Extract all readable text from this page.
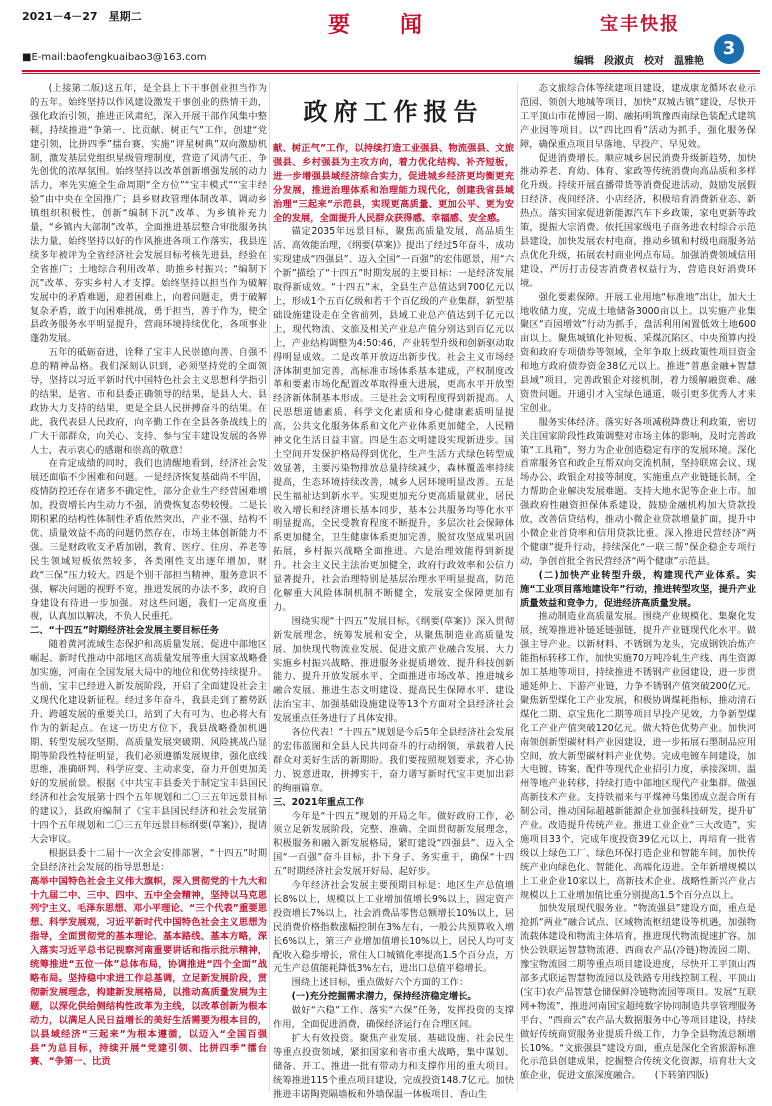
2021－4－27　星期二	要　闻	宝丰快报
3
■E-mail:baofengkuaibao3@163.com	编辑　段淑贞　校对　温雅艳

(上接第二版)这五年，是全县上下干事创业担当作为的五年。始终坚持以作风建设激发干事创业的热情干劲，强化政治引领，推进正风肃纪，深入开展干部作风集中整顿，持续推进“争第一、比贡献、树正气”工作，创建“党建引领，比拼四季”擂台赛，实施“评星树典”双向激励机制，激发基层党组织星级管理制度，营造了风清气正、争先创优的浓厚氛围。始终坚持以改革创新增强发展的动力活力，率先实施全生命周期“全方位”“宝丰模式”“宝丰经验”由中央在全国推广；县乡财政管理体制改革、调动乡镇组织积极性，创新“编制下沉”改革、为乡镇补充力量，“乡镇内大部制”改革，全面推进基层整合审批服务执法力量，始终坚持以好的作风推进各项工作落实，我县连续多年被评为全省经济社会发展目标考核先进县，经验在全省推广；土地综合利用改革、助推乡村振兴；“编制下沉”改革、夯实乡村人才支撑。始终坚持以担当作为破解发展中的矛盾难题，迎着困难上，向着问题走，勇于破解复杂矛盾，敢于向困难挑战，勇于担当，善于作为，使全县政务服务水平明显提升，营商环境持续优化，各项事业蓬勃发展。

五年的砥砺奋进，诠释了宝丰人民崇德向善、自强不息的精神品格。我们深刻认识到，必须坚持党的全面领导，坚持以习近平新时代中国特色社会主义思想科学指引的结果，是省、市和县委正确领导的结果，是县人大、县政协大力支持的结果，更是全县人民拼搏奋斗的结果。在此，我代表县人民政府，向辛勤工作在全县各条战线上的广大干部群众，向关心、支持、参与宝丰建设发展的各界人士，表示衷心的感谢和崇高的敬意！

在肯定成绩的同时，我们也清醒地看到，经济社会发展还面临不少困难和问题。一是经济恢复基础尚不牢固，疫情防控还存在诸多不确定性，部分企业生产经营困难增加，投资增长内生动力不强，消费恢复态势较慢。二是长期积累的结构性体制性矛盾依然突出，产业不强、结构不优、质量效益不高的问题仍然存在，市场主体创新能力不强。三是财政收支矛盾加剧，教育、医疗、住房、养老等民生领域短板依然较多，各类刚性支出逐年增加，财政“三保”压力较大。四是个别干部担当精神、服务意识不强，解决问题的视野不宽，推进发展的办法不多，政府自身建设有待进一步加强。对这些问题，我们一定高度重视，认真加以解决，不负人民重托。

二、“十四五”时期经济社会发展主要目标任务

随着黄河流域生态保护和高质量发展、促进中部地区崛起、新时代推动中部地区高质量发展等重大国家战略叠加实施，河南在全国发展大局中的地位和优势持续提升。当前，宝丰已经进入新发展阶段，开启了全面建设社会主义现代化建设新征程。经过多年奋斗，我县走到了蓄势跃升、跨越发展的重要关口，站到了大有可为、也必将大有作为的新起点。在这一历史方位下，我县战略叠加机遇期、转型发展攻坚期、高质量发展突破期、风险挑战凸显期等阶段性特征明显，我们必须遵循发展规律，强化底线思维，准确研判、科学应变、主动求变，奋力开创更加美好的发展前景。根据《中共宝丰县委关于制定宝丰县国民经济和社会发展第十四个五年规划和二〇三五年远景目标的建议》，县政府编制了《宝丰县国民经济和社会发展第十四个五年规划和二〇三五年远景目标纲要(草案)》，提请大会审议。

根据县委十二届十一次全会安排部署，“十四五”时期全县经济社会发展的指导思想是：

高举中国特色社会主义伟大旗帜，深入贯彻党的十九大和十九届二中、三中、四中、五中全会精神，坚持以马克思列宁主义、毛泽东思想、邓小平理论、“三个代表”重要思想、科学发展观，习近平新时代中国特色社会主义思想为指导，全面贯彻党的基本理论、基本路线、基本方略，深入落实习近平总书记视察河南重要讲话和指示批示精神，统筹推进“五位一体”总体布局，协调推进“四个全面”战略布局。坚持稳中求进工作总基调，立足新发展阶段，贯彻新发展理念，构建新发展格局，以推动高质量发展为主题，以深化供给侧结构性改革为主线，以改革创新为根本动力，以满足人民日益增长的美好生活需要为根本目的，以县域经济“三起来”为根本遵循，以迈入“全国百强县”为总目标，持续开展“党建引领、比拼四季”擂台赛、“争第一、比贡

政府工作报告

献、树正气”工作，以持续打造工业强县、物流强县、文旅强县、乡村强县为主攻方向，着力优化结构、补齐短板，进一步增强县域经济综合实力，促进城乡经济更均衡更充分发展，推进治理体系和治理能力现代化，创建我省县域治理“三起来”示范县，实现更高质量、更加公平、更为安全的发展，全面提升人民群众获得感、幸福感、安全感。

锚定2035年远景目标，聚焦高质量发展，高品质生活、高效能治理，《纲要(草案)》提出了经过5年奋斗，成功实现建成“四强县”、迈入全国“一百强”的宏伟愿景，用“六个新”描绘了“十四五”时期发展的主要目标：一是经济发展取得新成效。“十四五”末，全县生产总值达到700亿元以上，形成1个五百亿级和若干个百亿级的产业集群，新型基础设施建设走在全省前列，县域工业总产值达到千亿元以上，现代物流、文旅及相关产业总产值分别达到百亿元以上，产业结构调整为4:50:46，产业转型升级和创新驱动取得明显成效。二是改革开放迈出新步伐。社会主义市场经济体制更加完善，高标准市场体系基本建成，产权制度改革和要素市场化配置改革取得重大进展，更高水平开放型经济新体制基本形成。三是社会文明程度得到新提高。人民思想道德素质、科学文化素质和身心健康素质明显提高，公共文化服务体系和文化产业体系更加健全，人民精神文化生活日益丰富。四是生态文明建设实现新进步。国土空间开发保护格局得到优化，生产生活方式绿色转型成效显著，主要污染物排放总量持续减少，森林覆盖率持续提高，生态环境持续改善，城乡人居环境明显改善。五是民生福祉达到新水平。实现更加充分更高质量就业，居民收入增长和经济增长基本同步，基本公共服务均等化水平明显提高，全民受教育程度不断提升，多层次社会保障体系更加健全，卫生健康体系更加完善，脱贫攻坚成果巩固拓展，乡村振兴战略全面推进。六是治理效能得到新提升。社会主义民主法治更加健全，政府行政效率和公信力显著提升，社会治理特别是基层治理水平明显提高，防范化解重大风险体制机制不断健全，发展安全保障更加有力。

围绕实现“十四五”发展目标，《纲要(草案)》深入贯彻新发展理念，统筹发展和安全，从聚焦制造业高质量发展、加快现代物流业发展、促进文旅产业融合发展、大力实施乡村振兴战略、推进服务业提质增效、提升科技创新能力、提升开放发展水平、全面推进市场改革、推进城乡融合发展、推进生态文明建设、提高民生保障水平、建设法治宝丰、加强基础设施建设等13个方面对全县经济社会发展重点任务进行了具体安排。

各位代表！“十四五”规划是今后5年全县经济社会发展的宏伟蓝图和全县人民共同奋斗的行动纲领，承载着人民群众对美好生活的新期盼。我们要按照规划要求，齐心协力、锐意进取，拼搏实干，奋力谱写新时代宝丰更加出彩的绚丽篇章。

三、2021年重点工作

今年是“十四五”规划的开局之年。做好政府工作，必须立足新发展阶段，完整、准确、全面贯彻新发展理念，积极服务和融入新发展格局，紧盯建设“四强县”、迈入全国“一百强”奋斗目标，扑下身子、务实重干，确保“十四五”时期经济社会发展开好局、起好步。

今年经济社会发展主要预期目标是：地区生产总值增长8%以上，规模以上工业增加值增长9%以上，固定资产投资增长7%以上，社会消费品零售总额增长10%以上，居民消费价格指数涨幅控制在3%左右，一般公共预算收入增长6%以上，第三产业增加值增长10%以上，居民人均可支配收入稳步增长，常住人口城镇化率提高1.5个百分点，万元生产总值能耗降低3%左右，进出口总值平稳增长。

围绕上述目标，重点做好六个方面的工作：

(一)充分挖掘需求潜力，保持经济稳定增长。

做好“六稳”工作、落实“六保”任务，发挥投资的支撑作用，全面促进消费，确保经济运行在合理区间。

扩大有效投资。聚焦产业发展、基础设施、社会民生等重点投资领域，紧扣国家和省市重大战略，集中谋划、储备、开工、推进一批有带动力和支撑作用的重大项目。统筹推进115个重点项目建设，完成投资148.7亿元。加快推进丰诺陶瓷隔墙板和外墙保温一体板项目、香山生

态文旅综合体等续建项目建设，建成康龙循环农业示范园、领创大地城等项目，加快“双城古镇”建设，尽快开工平顶山市花博园一期、融拓明筑豫西南绿色装配式建筑产业园等项目。以“四比四看”活动为抓手，强化服务保障，确保重点项目早落地、早投产、早见效。

促进消费增长。顺应城乡居民消费升级新趋势，加快推动养老、育幼、体育、家政等传统消费向高品质和多样化升级。持续开展直播带货等消费促进活动，鼓励发展假日经济、夜间经济、小店经济，积极培育消费新业态、新热点。落实国家促进新能源汽车下乡政策，家电更新等政策，提振大宗消费。依托国家级电子商务进农村综合示范县建设，加快发展农村电商，推动乡镇和村级电商服务站点优化升级，拓展农村商业网点布局。加强消费领域信用建设，严厉打击侵害消费者权益行为，营造良好消费环境。

强化要素保障。开展工业用地“标准地”出让，加大土地收储力度，完成土地储备3000亩以上。以实施产业集聚区“百园增效”行动为抓手，盘活利用闲置低效土地600亩以上。聚焦城镇化补短板、采煤沉陷区、中央预算内投资和政府专项债券等领域，全年争取上级政策性项目资金和地方政府债券资金38亿元以上。推进“普惠金融+智慧县域”项目，完善政银企对接机制，着力缓解融资难、融资贵问题。开通引才入宝绿色通道，吸引更多优秀人才来宝创业。

服务实体经济。落实好各项减税降费让利政策，密切关注国家阶段性政策调整对市场主体的影响，及时完善政策“工具箱”，努力为企业创造稳定有序的发展环境。深化首席服务官和政企互帮双向交流机制，坚持联席会议、现场办公、政银企对接等制度，实施重点产业链链长制，全力帮助企业解决发展难题。支持大地水泥等企业上市。加强政府性融资担保体系建设，鼓励金融机构加大贷款投放，改善信贷结构，推动小微企业贷款增量扩面，提升中小微企业首贷率和信用贷款比重。深入推进民营经济“两个健康”提升行动，持续深化“一联三帮”保企稳企专项行动，争创首批全省民营经济“两个健康”示范县。

(二)加快产业转型升级，构建现代产业体系。实施“工业项目落地建设年”行动，推进转型攻坚，提升产业质量效益和竞争力，促进经济高质量发展。

推动制造业高质量发展。围绕产业规模化、集聚化发展，统筹推进补链延链强链，提升产业链现代化水平。做强主导产业。以新材料、不锈钢为龙头，完成钢铁冶炼产能指标转移工作，加快实施70万吨冷轧生产线、再生资源加工基地等项目，持续推进不锈钢产业园建设，进一步贯通延伸上、下游产业链，力争不锈钢产值突破200亿元。聚焦新型煤化工产业发展，积极协调煤耗指标，推动清石煤化二期、京宝焦化二期等项目早投产见效，力争新型煤化工产业产值突破120亿元。做大特色优势产业。加快河南领创新型碳材料产业园建设，进一步拓展石墨制品应用空间，放大新型碳材料产业优势。完成电镀车间建设，加大电镀、铸案、配件等现代企业招引力度，承接深圳、温州等地产业转移，持续打造中部地区现代产业集群。做强高新技术产业。支持铁福来与平煤神马集团成立混合所有制公司，推动国际超越新能源企业加强科技研发，提升矿产业。改造提升传统产业。推进工业企业“三大改造”，实施项目33个，完成年度投资39亿元以上，再培育一批省级以上绿色工厂、绿色环保打造企业和智能车间，加快传统产业向绿色化、智能化、高端化迈进。全年新增规模以上工业企业10家以上，高新技术企业、战略性新兴产业占规模以上工业增加值比重分别提高1.5个百分点以上。

加快发展现代服务业。“物流强县”建设方面，重点是抢抓“两业”融合试点、区域物流枢纽建设等机遇，加强物流载体建设和物流主体培育，推进现代物流提速扩容。加快公铁联运智慧物流港、西商农产品(冷链)物流园二期、豫宝物流园二期等重点项目建设进度，尽快开工平顶山西部多式联运智慧物流园以及铁路专用线控制工程、平顶山(宝丰)农产品智慧仓储保鲜冷链物流园等项目。发展“互联网+物流”，推进河南国宝超纯数字协同制造共享管理服务平台、“西商云”农产品大数据服务中心等项目建设，持续做好传统商贸服务业提质升级工作，力争全县物流总额增长10%。“文旅强县”建设方面，重点是深化全省旅游标准化示范县创建成果，挖掘整合传统文化资源，培育壮大文旅企业，促进文旅深度融合。　　(下转第四版)
